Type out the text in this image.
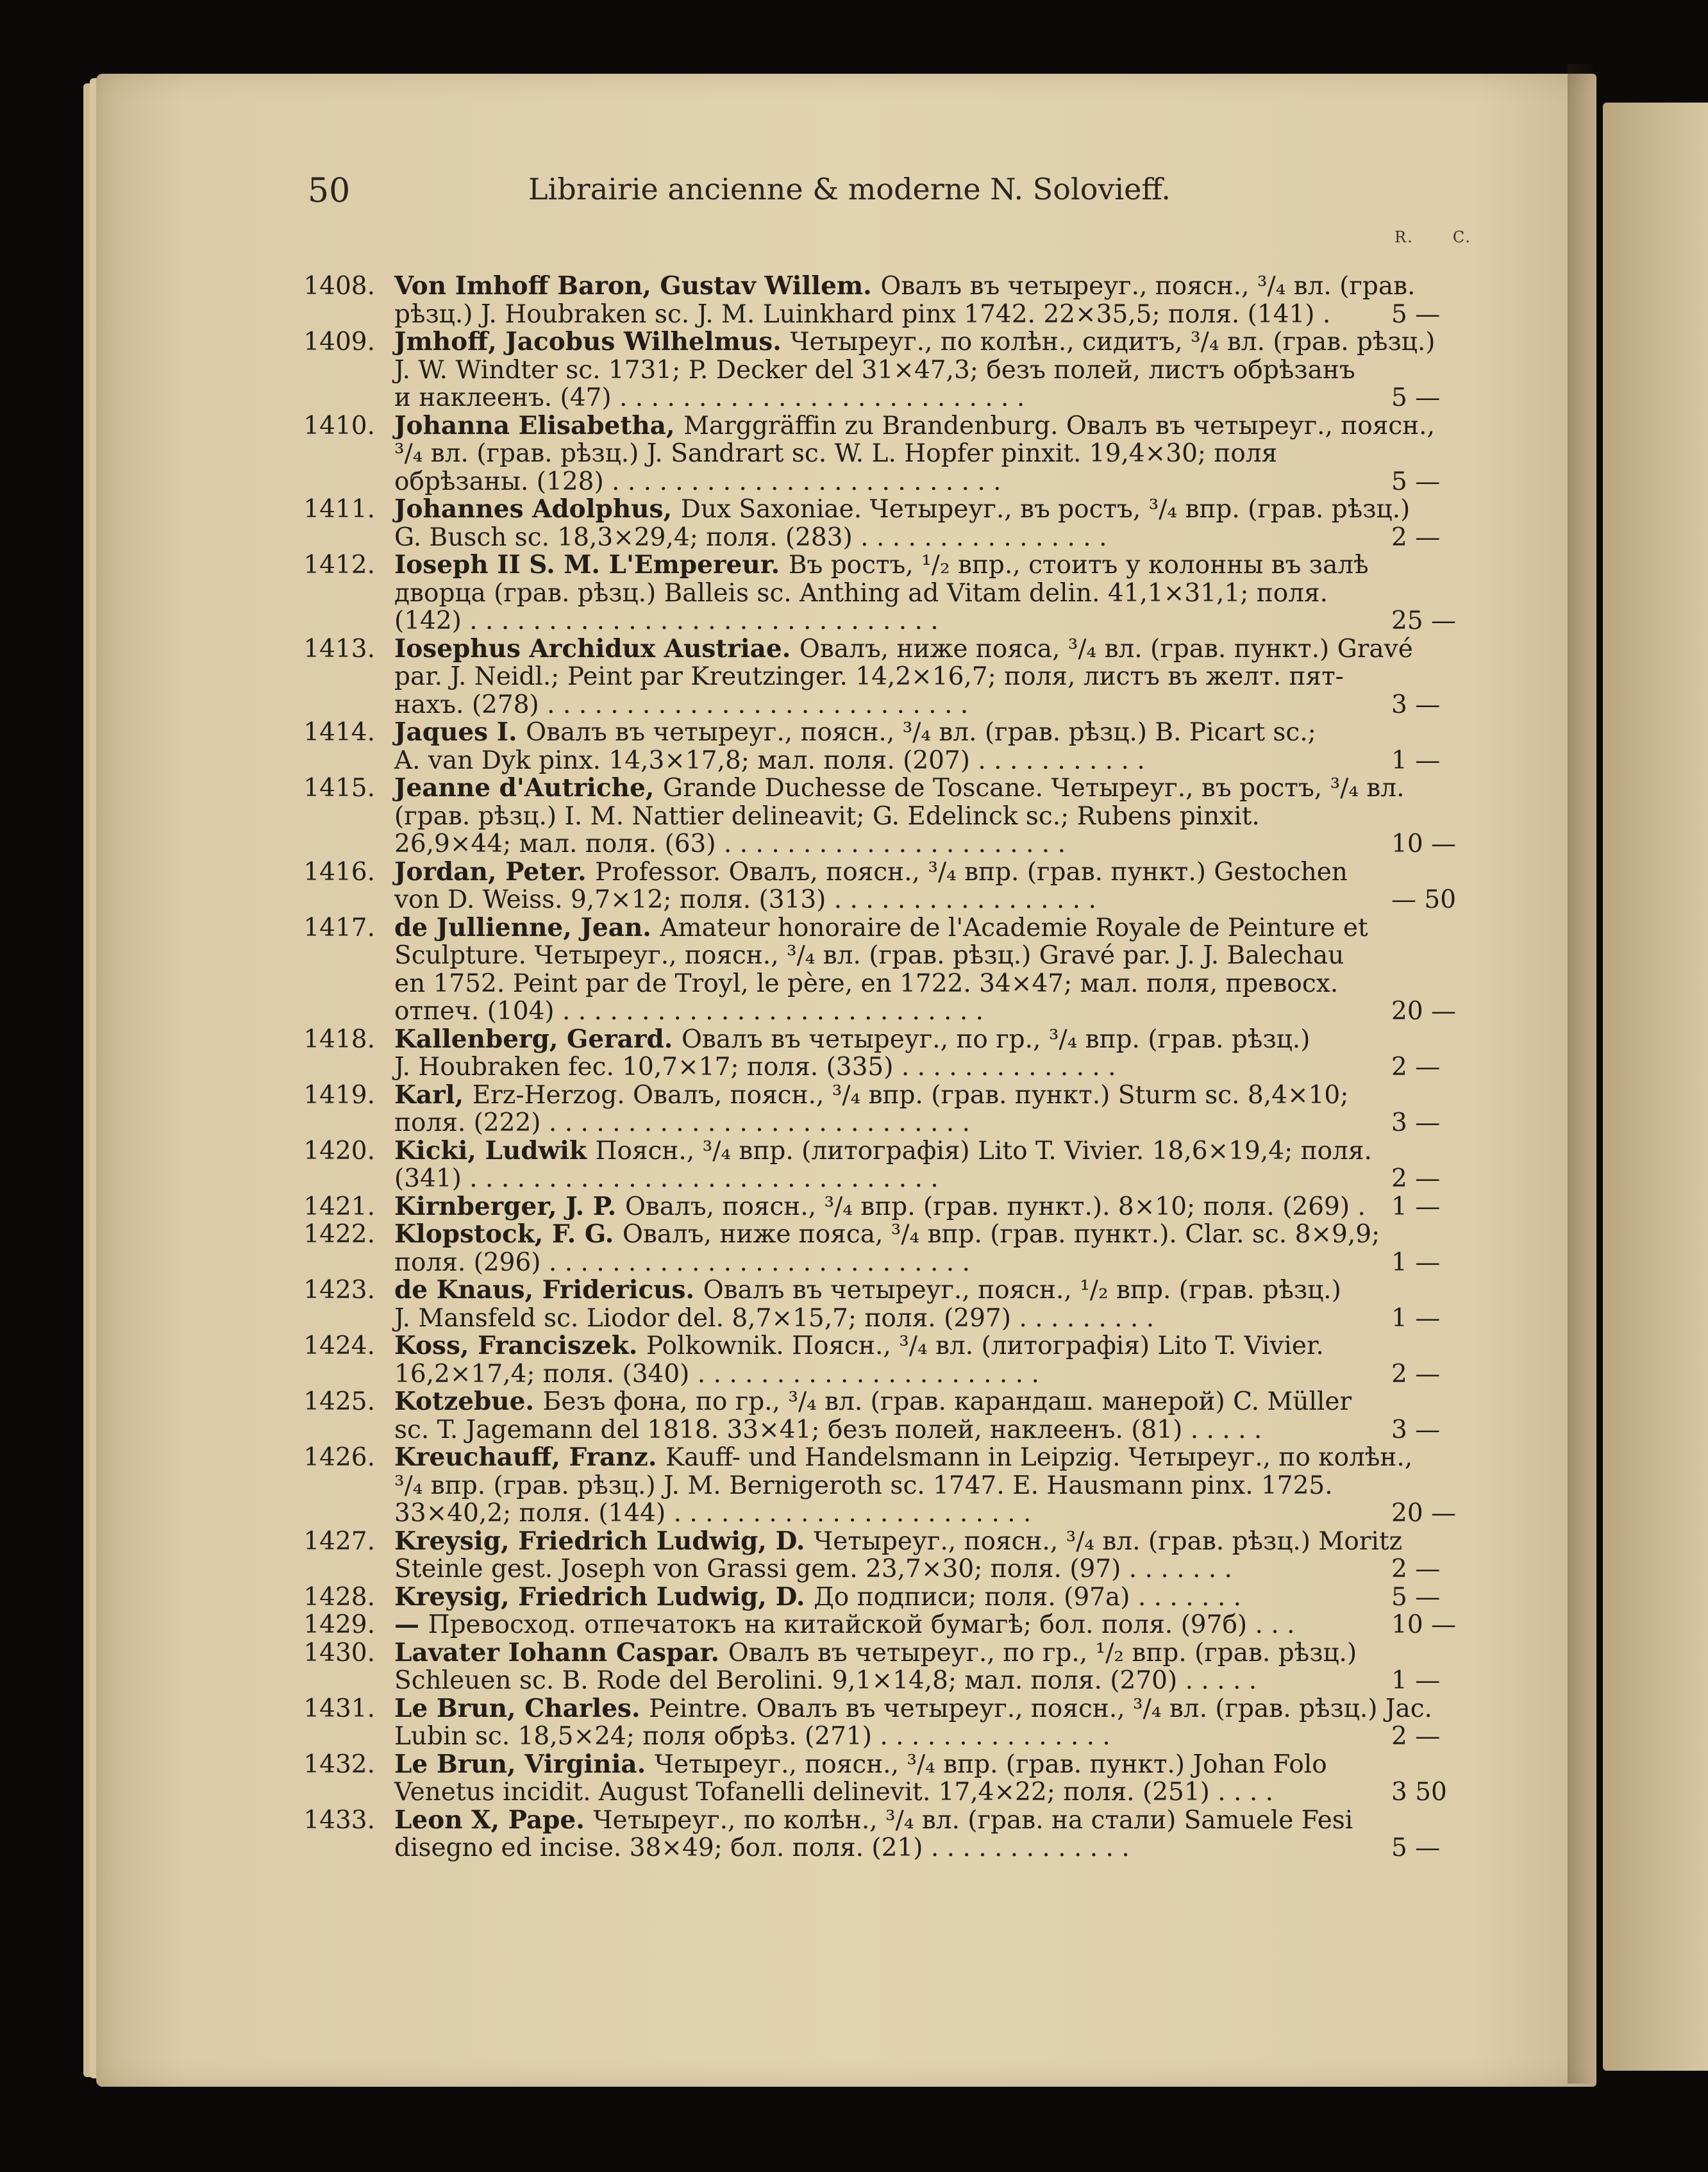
50	Librairie ancienne & moderne N. Solovieff.
R.	C.
1408. Von Imhoff Baron, Gustav Willem. Овалъ въ четыреуг., поясн., ³/₄ вл. (грав.
рѣзц.) J. Houbraken sc. J. M. Luinkhard pinx 1742. 22×35,5; поля. (141) . 5 —
1409. Jmhoff, Jacobus Wilhelmus. Четыреуг., по колѣн., сидитъ, ³/₄ вл. (грав. рѣзц.)
J. W. Windter sc. 1731; P. Decker del 31×47,3; безъ полей, листъ обрѣзанъ
и наклеенъ. (47) . . . . . . . . . . . . . . . . . . . . . . . . . .	5 —
1410. Johanna Elisabetha, Marggräffin zu Brandenburg. Овалъ въ четыреуг., поясн.,
³/₄ вл. (грав. рѣзц.) J. Sandrart sc. W. L. Hopfer pinxit. 19,4×30; поля
обрѣзаны. (128) . . . . . . . . . . . . . . . . . . . . . . . . .	5 —
1411. Johannes Adolphus, Dux Saxoniae. Четыреуг., въ ростъ, ³/₄ впр. (грав. рѣзц.)
G. Busch sc. 18,3×29,4; поля. (283) . . . . . . . . . . . . . . . .	2 —
1412. Ioseph II S. M. L'Empereur. Въ ростъ, ¹/₂ впр., стоитъ у колонны въ залѣ
дворца (грав. рѣзц.) Balleis sc. Anthing ad Vitam delin. 41,1×31,1; поля.
(142) . . . . . . . . . . . . . . . . . . . . . . . . . . . . . .	25 —
1413. Iosephus Archidux Austriae. Овалъ, ниже пояса, ³/₄ вл. (грав. пункт.) Gravé
par. J. Neidl.; Peint par Kreutzinger. 14,2×16,7; поля, листъ въ желт. пят-
нахъ. (278) . . . . . . . . . . . . . . . . . . . . . . . . . . .	3 —
1414. Jaques I. Овалъ въ четыреуг., поясн., ³/₄ вл. (грав. рѣзц.) B. Picart sc.;
A. van Dyk pinx. 14,3×17,8; мал. поля. (207) . . . . . . . . . . .	1 —
1415. Jeanne d'Autriche, Grande Duchesse de Toscane. Четыреуг., въ ростъ, ³/₄ вл.
(грав. рѣзц.) I. M. Nattier delineavit; G. Edelinck sc.; Rubens pinxit.
26,9×44; мал. поля. (63) . . . . . . . . . . . . . . . . . . . . . .	10 —
1416. Jordan, Peter. Professor. Овалъ, поясн., ³/₄ впр. (грав. пункт.) Gestochen
von D. Weiss. 9,7×12; поля. (313) . . . . . . . . . . . . . . . . .	— 50
1417. de Jullienne, Jean. Amateur honoraire de l'Academie Royale de Peinture et
Sculpture. Четыреуг., поясн., ³/₄ вл. (грав. рѣзц.) Gravé par. J. J. Balechau
en 1752. Peint par de Troyl, le père, en 1722. 34×47; мал. поля, превосх.
отпеч. (104) . . . . . . . . . . . . . . . . . . . . . . . . . . .	20 —
1418. Kallenberg, Gerard. Овалъ въ четыреуг., по гр., ³/₄ впр. (грав. рѣзц.)
J. Houbraken fec. 10,7×17; поля. (335) . . . . . . . . . . . . . .	2 —
1419. Karl, Erz-Herzog. Овалъ, поясн., ³/₄ впр. (грав. пункт.) Sturm sc. 8,4×10;
поля. (222) . . . . . . . . . . . . . . . . . . . . . . . . . . .	3 —
1420. Kicki, Ludwik Поясн., ³/₄ впр. (литографія) Lito T. Vivier. 18,6×19,4; поля.
(341) . . . . . . . . . . . . . . . . . . . . . . . . . . . . . .	2 —
1421. Kirnberger, J. P. Овалъ, поясн., ³/₄ впр. (грав. пункт.). 8×10; поля. (269) . 1 —
1422. Klopstock, F. G. Овалъ, ниже пояса, ³/₄ впр. (грав. пункт.). Clar. sc. 8×9,9;
поля. (296) . . . . . . . . . . . . . . . . . . . . . . . . . . .	1 —
1423. de Knaus, Fridericus. Овалъ въ четыреуг., поясн., ¹/₂ впр. (грав. рѣзц.)
J. Mansfeld sc. Liodor del. 8,7×15,7; поля. (297) . . . . . . . . .	1 —
1424. Koss, Franciszek. Polkownik. Поясн., ³/₄ вл. (литографія) Lito T. Vivier.
16,2×17,4; поля. (340) . . . . . . . . . . . . . . . . . . . . . .	2 —
1425. Kotzebue. Безъ фона, по гр., ³/₄ вл. (грав. карандаш. манерой) C. Müller
sc. T. Jagemann del 1818. 33×41; безъ полей, наклеенъ. (81) . . . . .	3 —
1426. Kreuchauff, Franz. Kauff- und Handelsmann in Leipzig. Четыреуг., по колѣн.,
³/₄ впр. (грав. рѣзц.) J. M. Bernigeroth sc. 1747. E. Hausmann pinx. 1725.
33×40,2; поля. (144) . . . . . . . . . . . . . . . . . . . . . . .	20 —
1427. Kreysig, Friedrich Ludwig, D. Четыреуг., поясн., ³/₄ вл. (грав. рѣзц.) Moritz
Steinle gest. Joseph von Grassi gem. 23,7×30; поля. (97) . . . . . . .	2 —
1428. Kreysig, Friedrich Ludwig, D. До подписи; поля. (97a) . . . . . . .	5 —
1429. — Превосход. отпечатокъ на китайской бумагѣ; бол. поля. (97б) . . .	10 —
1430. Lavater Iohann Caspar. Овалъ въ четыреуг., по гр., ¹/₂ впр. (грав. рѣзц.)
Schleuen sc. B. Rode del Berolini. 9,1×14,8; мал. поля. (270) . . . . .	1 —
1431. Le Brun, Charles. Peintre. Овалъ въ четыреуг., поясн., ³/₄ вл. (грав. рѣзц.) Jac.
Lubin sc. 18,5×24; поля обрѣз. (271) . . . . . . . . . . . . . . .	2 —
1432. Le Brun, Virginia. Четыреуг., поясн., ³/₄ впр. (грав. пункт.) Johan Folo
Venetus incidit. August Tofanelli delinevit. 17,4×22; поля. (251) . . . .	3 50
1433. Leon X, Pape. Четыреуг., по колѣн., ³/₄ вл. (грав. на стали) Samuele Fesi
disegno ed incise. 38×49; бол. поля. (21) . . . . . . . . . . . . .	5 —
